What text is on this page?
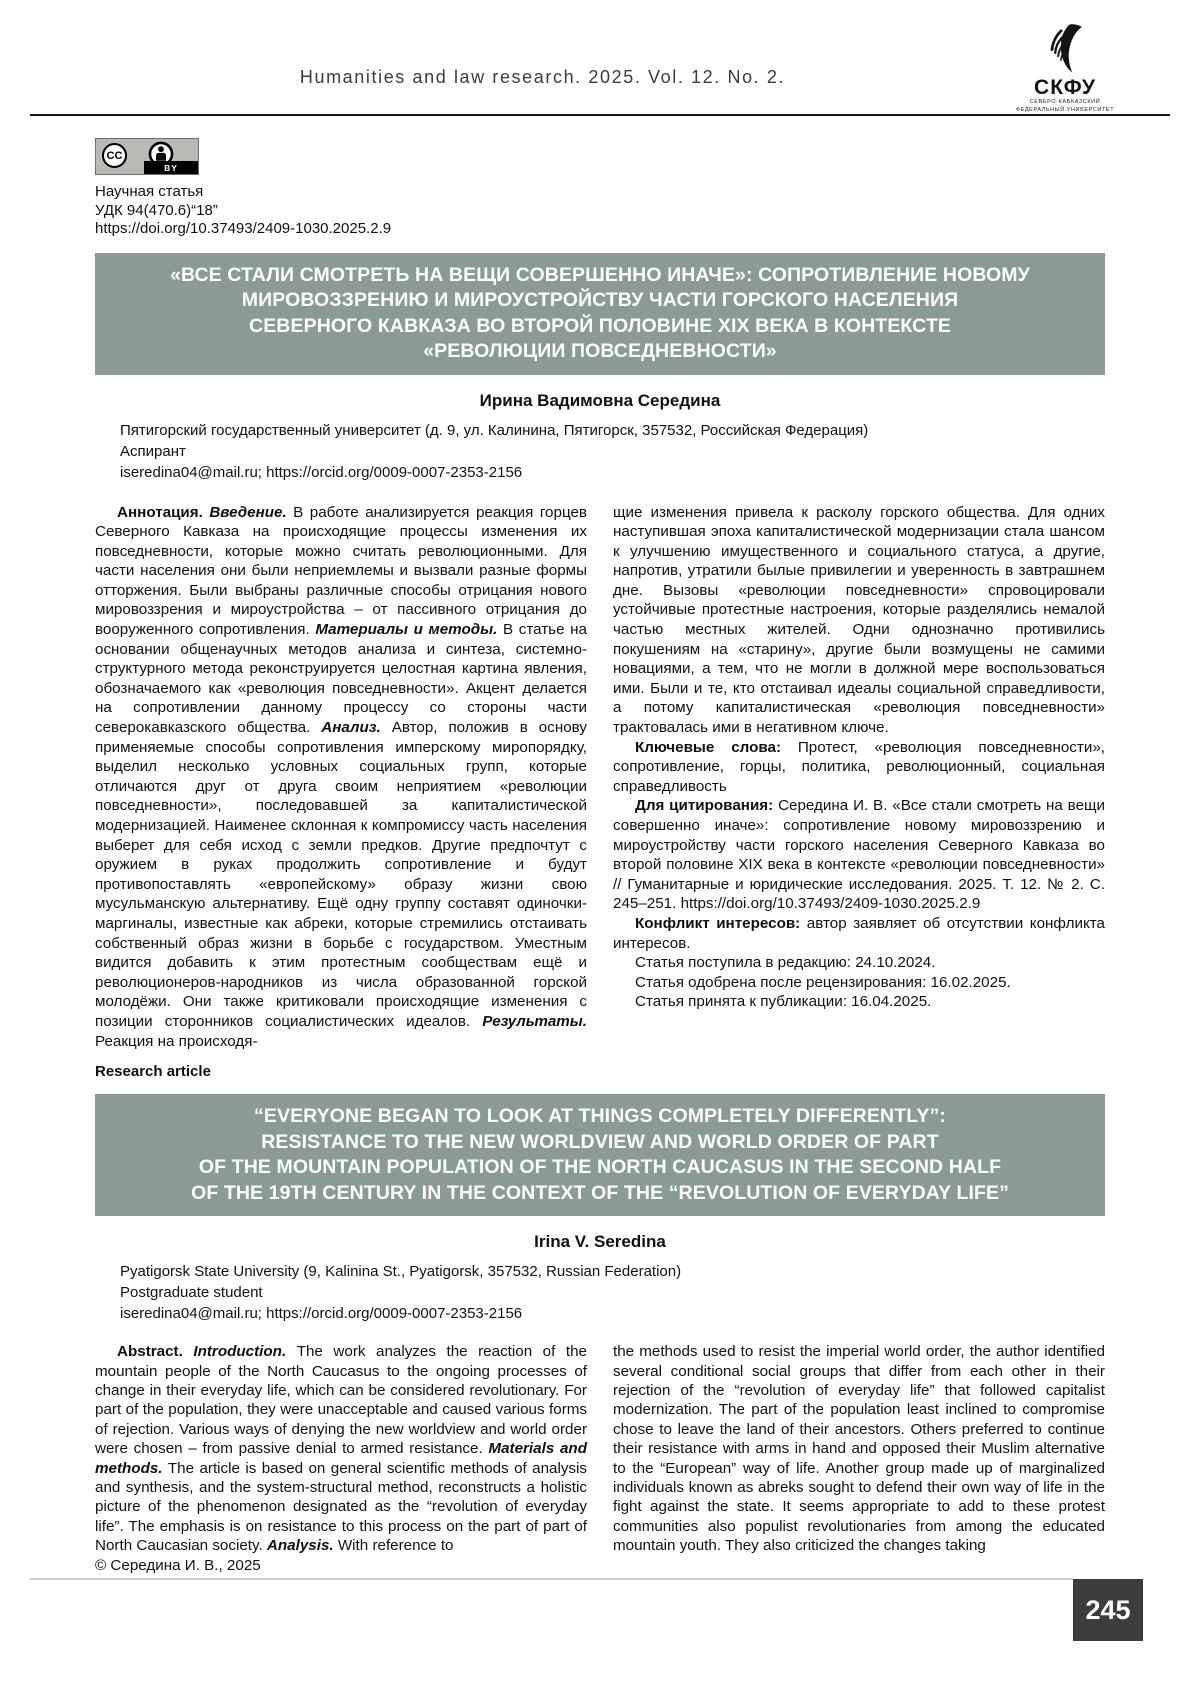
Humanities and law research. 2025. Vol. 12. No. 2.	СКФУ
СЕВЕРО-КАВКАЗСКИЙ
ФЕДЕРАЛЬНЫЙ УНИВЕРСИТЕТ
CC
BY
Научная статья
УДК 94(470.6)“18”
https://doi.org/10.37493/2409-1030.2025.2.9
«ВСЕ СТАЛИ СМОТРЕТЬ НА ВЕЩИ СОВЕРШЕННО ИНАЧЕ»: СОПРОТИВЛЕНИЕ НОВОМУ
МИРОВОЗЗРЕНИЮ И МИРОУСТРОЙСТВУ ЧАСТИ ГОРСКОГО НАСЕЛЕНИЯ
СЕВЕРНОГО КАВКАЗА ВО ВТОРОЙ ПОЛОВИНЕ XIX ВЕКА В КОНТЕКСТЕ
«РЕВОЛЮЦИИ ПОВСЕДНЕВНОСТИ»
Ирина Вадимовна Середина
Пятигорский государственный университет (д. 9, ул. Калинина, Пятигорск, 357532, Российская Федерация)
Аспирант
iseredina04@mail.ru; https://orcid.org/0009-0007-2353-2156

Аннотация. Введение. В работе анализируется реакция горцев Северного Кавказа на происходящие процессы изменения их повседневности, которые можно считать революционными. Для части населения они были неприемлемы и вызвали разные формы отторжения. Были выбраны различные способы отрицания нового мировоззрения и мироустройства – от пассивного отрицания до вооруженного сопротивления. Материалы и методы. В статье на основании общенаучных методов анализа и синтеза, системно-структурного метода реконструируется целостная картина явления, обозначаемого как «революция повседневности». Акцент делается на сопротивлении данному процессу со стороны части северокавказского общества. Анализ. Автор, положив в основу применяемые способы сопротивления имперскому миропорядку, выделил несколько условных социальных групп, которые отличаются друг от друга своим неприятием «революции повседневности», последовавшей за капиталистической модернизацией. Наименее склонная к компромиссу часть населения выберет для себя исход с земли предков. Другие предпочтут с оружием в руках продолжить сопротивление и будут противопоставлять «европейскому» образу жизни свою мусульманскую альтернативу. Ещё одну группу составят одиночки-маргиналы, известные как абреки, которые стремились отстаивать собственный образ жизни в борьбе с государством. Уместным видится добавить к этим протестным сообществам ещё и революционеров-народников из числа образованной горской молодёжи. Они также критиковали происходящие изменения с позиции сторонников социалистических идеалов. Результаты. Реакция на происходя-

щие изменения привела к расколу горского общества. Для одних наступившая эпоха капиталистической модернизации стала шансом к улучшению имущественного и социального статуса, а другие, напротив, утратили былые привилегии и уверенность в завтрашнем дне. Вызовы «революции повседневности» спровоцировали устойчивые протестные настроения, которые разделялись немалой частью местных жителей. Одни однозначно противились покушениям на «старину», другие были возмущены не самими новациями, а тем, что не могли в должной мере воспользоваться ими. Были и те, кто отстаивал идеалы социальной справедливости, а потому капиталистическая «революция повседневности» трактовалась ими в негативном ключе.

Ключевые слова: Протест, «революция повседневности», сопротивление, горцы, политика, революционный, социальная справедливость

Для цитирования: Середина И. В. «Все стали смотреть на вещи совершенно иначе»: сопротивление новому мировоззрению и мироустройству части горского населения Северного Кавказа во второй половине XIX века в контексте «революции повседневности» // Гуманитарные и юридические исследования. 2025. Т. 12. № 2. С. 245–251. https://doi.org/10.37493/2409-1030.2025.2.9

Конфликт интересов: автор заявляет об отсутствии конфликта интересов.

Статья поступила в редакцию: 24.10.2024.

Статья одобрена после рецензирования: 16.02.2025.

Статья принята к публикации: 16.04.2025.

Research article
“EVERYONE BEGAN TO LOOK AT THINGS COMPLETELY DIFFERENTLY”:
RESISTANCE TO THE NEW WORLDVIEW AND WORLD ORDER OF PART
OF THE MOUNTAIN POPULATION OF THE NORTH CAUCASUS IN THE SECOND HALF
OF THE 19TH CENTURY IN THE CONTEXT OF THE “REVOLUTION OF EVERYDAY LIFE”
Irina V. Seredina
Pyatigorsk State University (9, Kalinina St., Pyatigorsk, 357532, Russian Federation)
Postgraduate student
iseredina04@mail.ru; https://orcid.org/0009-0007-2353-2156

Abstract. Introduction. The work analyzes the reaction of the mountain people of the North Caucasus to the ongoing processes of change in their everyday life, which can be considered revolutionary. For part of the population, they were unacceptable and caused various forms of rejection. Various ways of denying the new worldview and world order were chosen – from passive denial to armed resistance. Materials and methods. The article is based on general scientific methods of analysis and synthesis, and the system-structural method, reconstructs a holistic picture of the phenomenon designated as the “revolution of everyday life”. The emphasis is on resistance to this process on the part of part of North Caucasian society. Analysis. With reference to

© Середина И. В., 2025

the methods used to resist the imperial world order, the author identified several conditional social groups that differ from each other in their rejection of the “revolution of everyday life” that followed capitalist modernization. The part of the population least inclined to compromise chose to leave the land of their ancestors. Others preferred to continue their resistance with arms in hand and opposed their Muslim alternative to the “European” way of life. Another group made up of marginalized individuals known as abreks sought to defend their own way of life in the fight against the state. It seems appropriate to add to these protest communities also populist revolutionaries from among the educated mountain youth. They also criticized the changes taking

245
